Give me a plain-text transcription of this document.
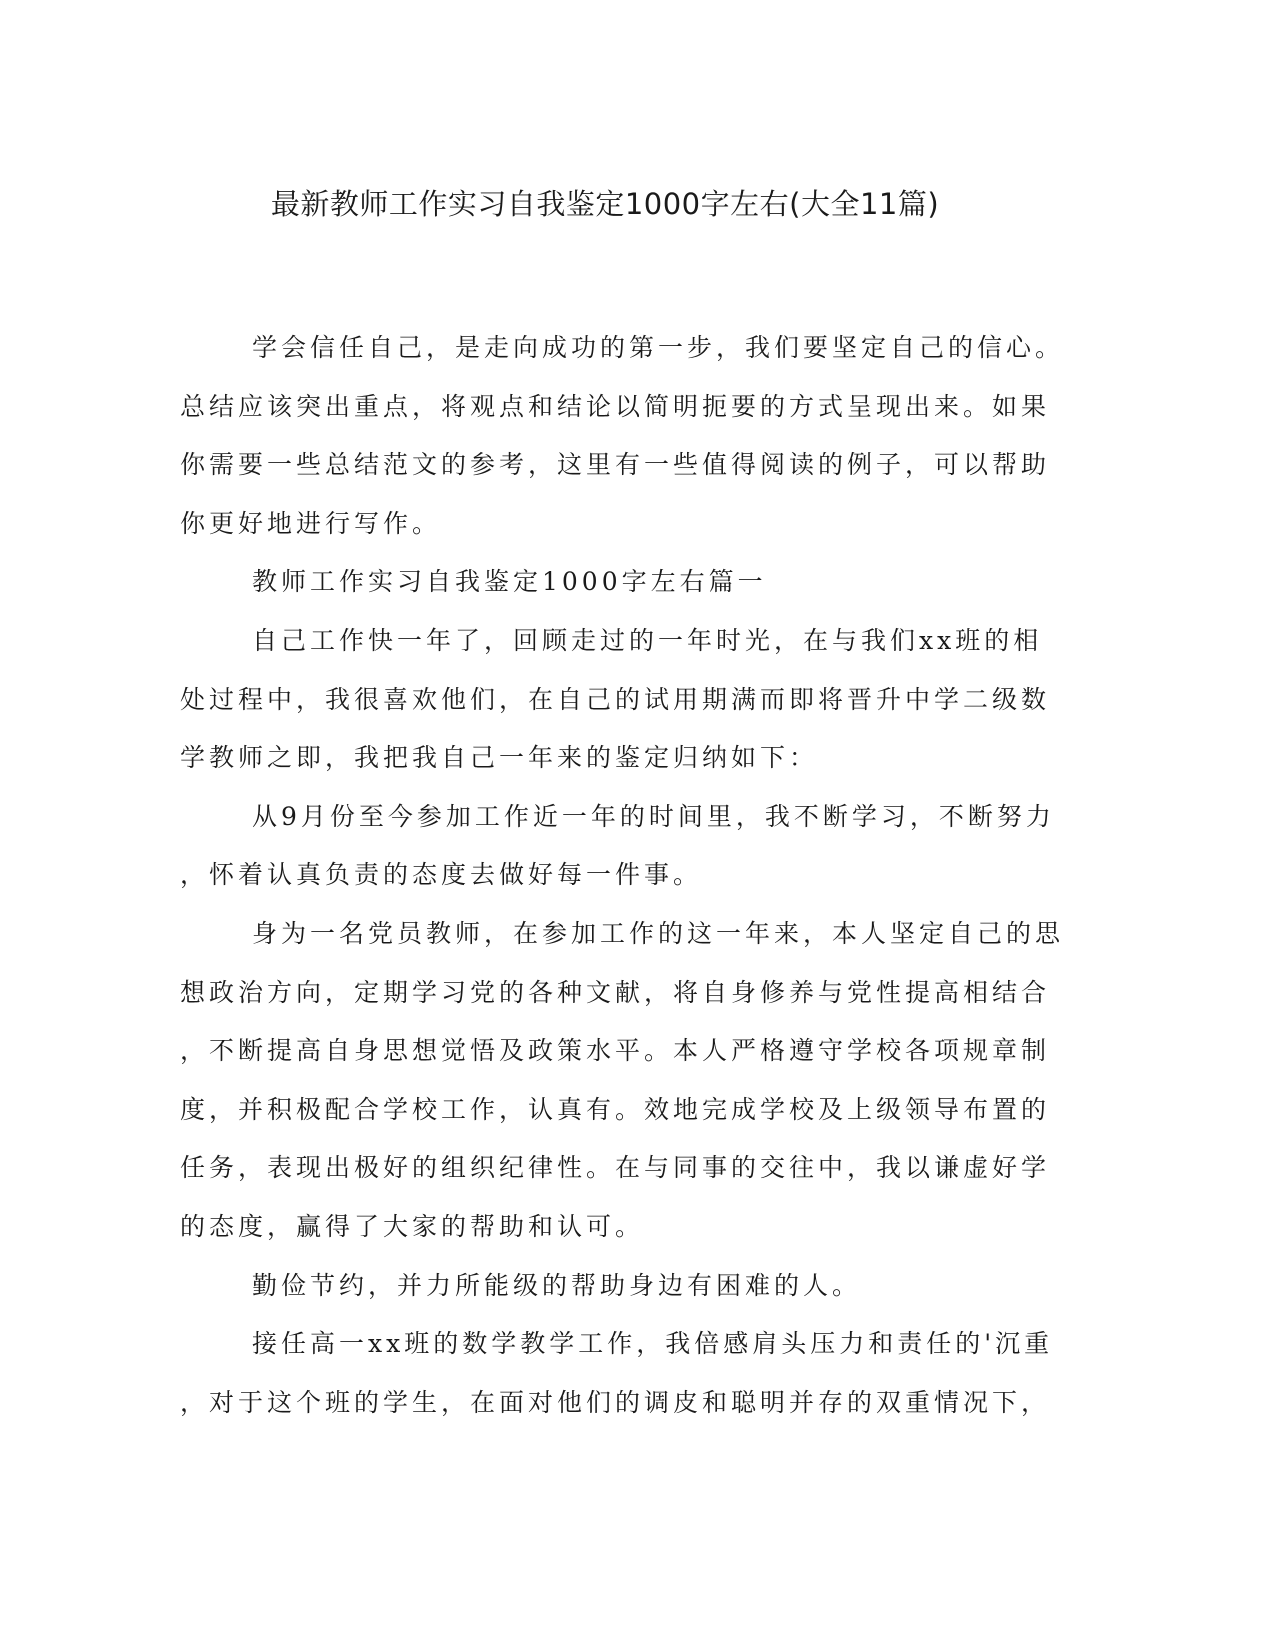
最新教师工作实习自我鉴定1000字左右(大全11篇)
学会信任自己，是走向成功的第一步，我们要坚定自己的信心。
总结应该突出重点，将观点和结论以简明扼要的方式呈现出来。如果
你需要一些总结范文的参考，这里有一些值得阅读的例子，可以帮助
你更好地进行写作。
教师工作实习自我鉴定1000字左右篇一
自己工作快一年了，回顾走过的一年时光，在与我们xx班的相
处过程中，我很喜欢他们，在自己的试用期满而即将晋升中学二级数
学教师之即，我把我自己一年来的鉴定归纳如下：
从9月份至今参加工作近一年的时间里，我不断学习，不断努力
，怀着认真负责的态度去做好每一件事。
身为一名党员教师，在参加工作的这一年来，本人坚定自己的思
想政治方向，定期学习党的各种文献，将自身修养与党性提高相结合
，不断提高自身思想觉悟及政策水平。本人严格遵守学校各项规章制
度，并积极配合学校工作，认真有。效地完成学校及上级领导布置的
任务，表现出极好的组织纪律性。在与同事的交往中，我以谦虚好学
的态度，赢得了大家的帮助和认可。
勤俭节约，并力所能级的帮助身边有困难的人。
接任高一xx班的数学教学工作，我倍感肩头压力和责任的'沉重
，对于这个班的学生，在面对他们的调皮和聪明并存的双重情况下，
